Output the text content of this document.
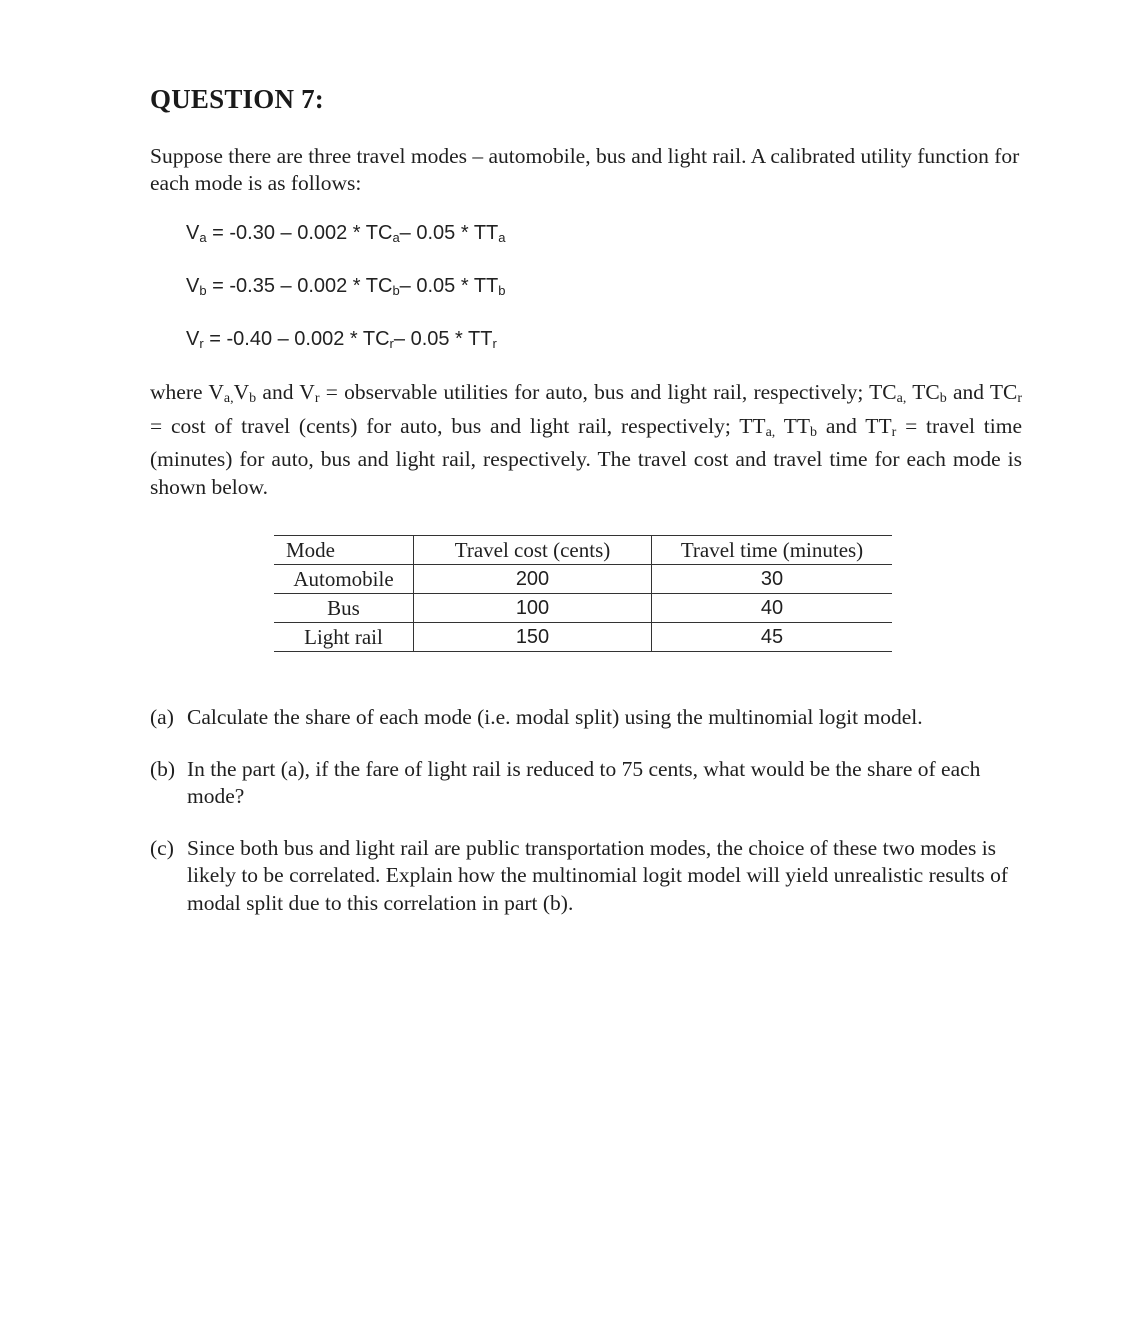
QUESTION 7:
Suppose there are three travel modes – automobile, bus and light rail. A calibrated utility function for each mode is as follows:
$V_a = -0.30 - 0.002 * TC_a-$ $0.05 * TT_a$
$V_b = -0.35 - 0.002 * TC_b-$ $0.05 * TT_b$
$V_r = -0.40 - 0.002 * TC_r-$ $0.05 * TT_r$
where $V_{a,}V_b$ and $V_r$ = observable utilities for auto, bus and light rail, respectively; $TC_{a,}$ $TC_b$ and $TC_r = \cos t$ of travel (cents) for auto, bus and light rail, respectively; $TT_{a,}$ $TT_b$ and $TT_r$ = travel time (minutes) for auto, bus and light rail, respectively. The travel cost and travel time for each mode is shown below.
Mode	Travel cost (cents)	Travel time (minutes)
Automobile	200	30
Bus	100	40
Light rail	150	45
(a) Calculate the share of each mode (i.e. modal split) using the multinomial logit model.
(b) In the part (a), if the fare of light rail is reduced to 75 cents, what would be the share of each mode?
(c) Since both bus and light rail are public transportation modes, the choice of these two modes is likely to be correlated. Explain how the multinomial logit model will yield unrealistic results of modal split due to this correlation in part (b).
